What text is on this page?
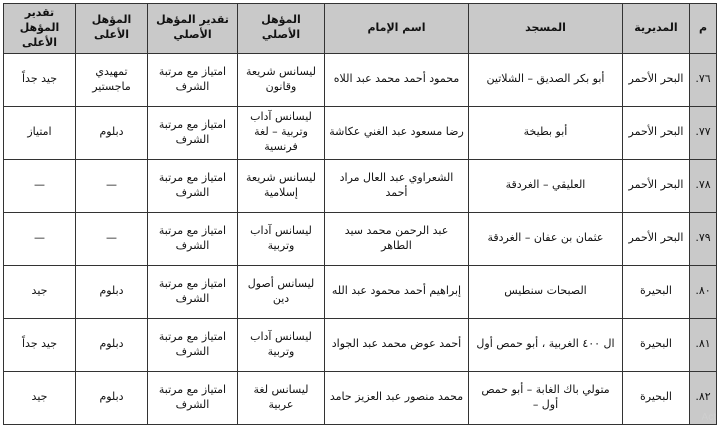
م	المديرية	المسجد	اسم الإمام	المؤهل الأصلي	تقدير المؤهل الأصلي	المؤهل الأعلى	تقدير المؤهل الأعلى
٧٦.	البحر الأحمر	أبو بكر الصديق – الشلاتين	محمود أحمد محمد عبد اللاه	ليسانس شريعة وقانون	امتياز مع مرتبة الشرف	تمهيدي ماجستير	جيد جداً
٧٧.	البحر الأحمر	أبو بطيخة	رضا مسعود عبد الغني عكاشة	ليسانس آداب وتربية – لغة فرنسية	امتياز مع مرتبة الشرف	دبلوم	امتياز
٧٨.	البحر الأحمر	العليقي – الغردقة	الشعراوي عبد العال مراد أحمد	ليسانس شريعة إسلامية	امتياز مع مرتبة الشرف	—	—
٧٩.	البحر الأحمر	عثمان بن عفان – الغردقة	عبد الرحمن محمد سيد الطاهر	ليسانس آداب وتربية	امتياز مع مرتبة الشرف	—	—
٨٠.	البحيرة	الصبحات سنطيس	إبراهيم أحمد محمود عبد الله	ليسانس أصول دين	امتياز مع مرتبة الشرف	دبلوم	جيد
٨١.	البحيرة	ال ٤٠٠ الغربية ، أبو حمص أول	أحمد عوض محمد عبد الجواد	ليسانس آداب وتربية	امتياز مع مرتبة الشرف	دبلوم	جيد جداً
٨٢.	البحيرة	متولي باك الغابة – أبو حمص أول –	محمد منصور عبد العزيز حامد	ليسانس لغة عربية	امتياز مع مرتبة الشرف	دبلوم	جيد
Act
